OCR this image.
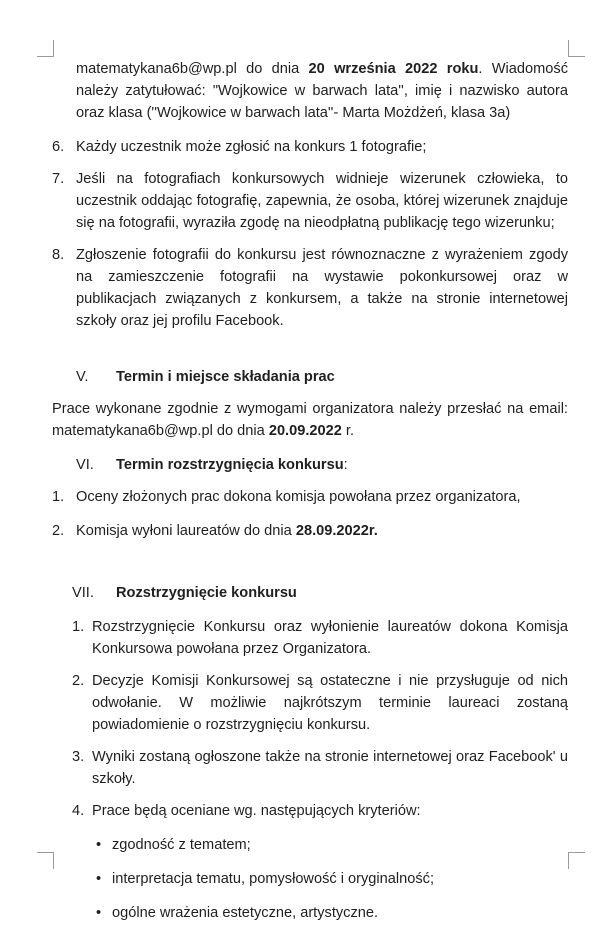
matematykana6b@wp.pl do dnia 20 września 2022 roku. Wiadomość należy zatytułować: "Wojkowice w barwach lata'', imię i nazwisko autora oraz klasa (''Wojkowice w barwach lata''- Marta Możdżeń, klasa 3a)
6. Każdy uczestnik może zgłosić na konkurs 1 fotografie;
7. Jeśli na fotografiach konkursowych widnieje wizerunek człowieka, to uczestnik oddając fotografię, zapewnia, że osoba, której wizerunek znajduje się na fotografii, wyraziła zgodę na nieodpłatną publikację tego wizerunku;
8. Zgłoszenie fotografii do konkursu jest równoznaczne z wyrażeniem zgody na zamieszczenie fotografii na wystawie pokonkursowej oraz w publikacjach związanych z konkursem, a także na stronie internetowej szkoły oraz jej profilu Facebook.
V.	Termin i miejsce składania prac
Prace wykonane zgodnie z wymogami organizatora należy przesłać na email: matematykana6b@wp.pl do dnia 20.09.2022 r.
VI.	Termin rozstrzygnięcia konkursu:
1. Oceny złożonych prac dokona komisja powołana przez organizatora,
2. Komisja wyłoni laureatów do dnia 28.09.2022r.
VII.	Rozstrzygnięcie konkursu
1. Rozstrzygnięcie Konkursu oraz wyłonienie laureatów dokona Komisja Konkursowa powołana przez Organizatora.
2. Decyzje Komisji Konkursowej są ostateczne i nie przysługuje od nich odwołanie. W możliwie najkrótszym terminie laureaci zostaną powiadomienie o rozstrzygnięciu konkursu.
3. Wyniki zostaną ogłoszone także na stronie internetowej oraz Facebook' u szkoły.
4. Prace będą oceniane wg. następujących kryteriów:
• zgodność z tematem;
• interpretacja tematu, pomysłowość i oryginalność;
• ogólne wrażenia estetyczne, artystyczne.
